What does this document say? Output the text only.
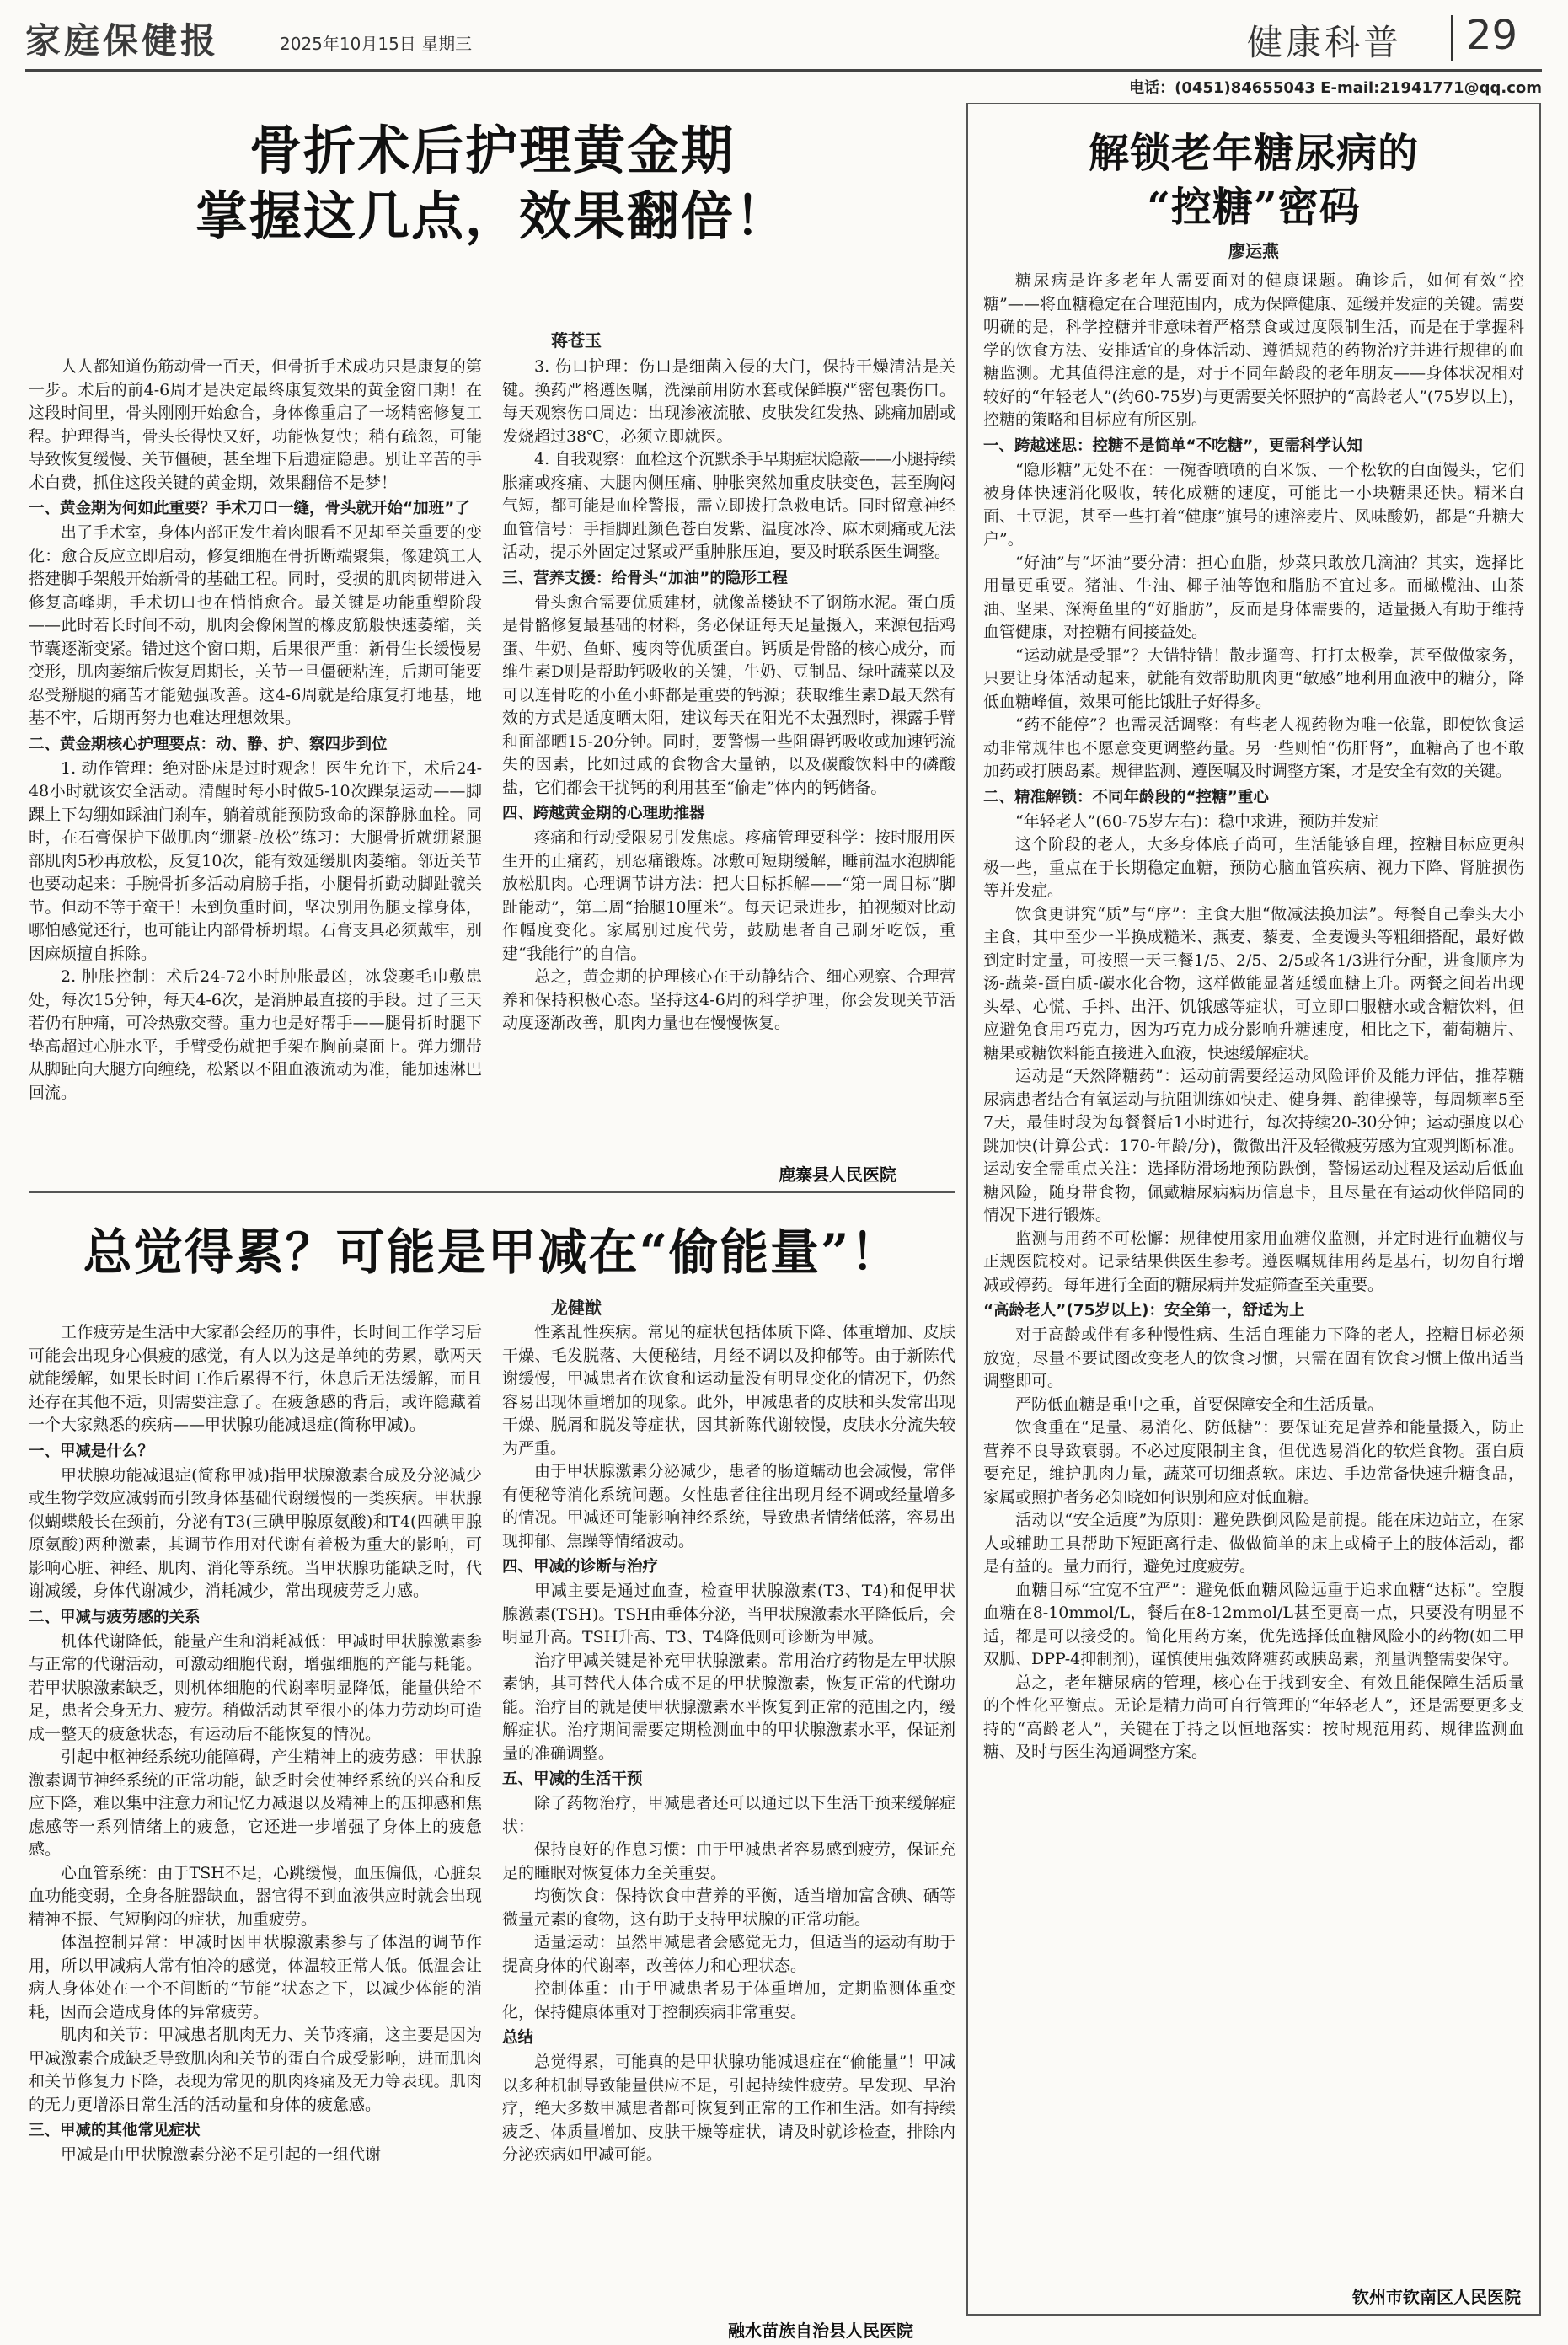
家庭保健报	2025年10月15日 星期三	健康科普 29
电话：(0451)84655043 E-mail:21941771@qq.com
骨折术后护理黄金期
掌握这几点，效果翻倍！
蒋苍玉

人人都知道伤筋动骨一百天，但骨折手术成功只是康复的第一步。术后的前4-6周才是决定最终康复效果的黄金窗口期！在这段时间里，骨头刚刚开始愈合，身体像重启了一场精密修复工程。护理得当，骨头长得快又好，功能恢复快；稍有疏忽，可能导致恢复缓慢、关节僵硬，甚至埋下后遗症隐患。别让辛苦的手术白费，抓住这段关键的黄金期，效果翻倍不是梦！

一、黄金期为何如此重要？手术刀口一缝，骨头就开始“加班”了

出了手术室，身体内部正发生着肉眼看不见却至关重要的变化：愈合反应立即启动，修复细胞在骨折断端聚集，像建筑工人搭建脚手架般开始新骨的基础工程。同时，受损的肌肉韧带进入修复高峰期，手术切口也在悄悄愈合。最关键是功能重塑阶段——此时若长时间不动，肌肉会像闲置的橡皮筋般快速萎缩，关节囊逐渐变紧。错过这个窗口期，后果很严重：新骨生长缓慢易变形，肌肉萎缩后恢复周期长，关节一旦僵硬粘连，后期可能要忍受掰腿的痛苦才能勉强改善。这4-6周就是给康复打地基，地基不牢，后期再努力也难达理想效果。

二、黄金期核心护理要点：动、静、护、察四步到位

1. 动作管理：绝对卧床是过时观念！医生允许下，术后24-48小时就该安全活动。清醒时每小时做5-10次踝泵运动——脚踝上下勾绷如踩油门刹车，躺着就能预防致命的深静脉血栓。同时，在石膏保护下做肌肉“绷紧-放松”练习：大腿骨折就绷紧腿部肌肉5秒再放松，反复10次，能有效延缓肌肉萎缩。邻近关节也要动起来：手腕骨折多活动肩膀手指，小腿骨折勤动脚趾髋关节。但动不等于蛮干！未到负重时间，坚决别用伤腿支撑身体，哪怕感觉还行，也可能让内部骨桥坍塌。石膏支具必须戴牢，别因麻烦擅自拆除。

2. 肿胀控制：术后24-72小时肿胀最凶，冰袋裹毛巾敷患处，每次15分钟，每天4-6次，是消肿最直接的手段。过了三天若仍有肿痛，可冷热敷交替。重力也是好帮手——腿骨折时腿下垫高超过心脏水平，手臂受伤就把手架在胸前桌面上。弹力绷带从脚趾向大腿方向缠绕，松紧以不阻血液流动为准，能加速淋巴回流。

3. 伤口护理：伤口是细菌入侵的大门，保持干燥清洁是关键。换药严格遵医嘱，洗澡前用防水套或保鲜膜严密包裹伤口。每天观察伤口周边：出现渗液流脓、皮肤发红发热、跳痛加剧或发烧超过38℃，必须立即就医。

4. 自我观察：血栓这个沉默杀手早期症状隐蔽——小腿持续胀痛或疼痛、大腿内侧压痛、肿胀突然加重皮肤变色，甚至胸闷气短，都可能是血栓警报，需立即拨打急救电话。同时留意神经血管信号：手指脚趾颜色苍白发紫、温度冰冷、麻木刺痛或无法活动，提示外固定过紧或严重肿胀压迫，要及时联系医生调整。

三、营养支援：给骨头“加油”的隐形工程

骨头愈合需要优质建材，就像盖楼缺不了钢筋水泥。蛋白质是骨骼修复最基础的材料，务必保证每天足量摄入，来源包括鸡蛋、牛奶、鱼虾、瘦肉等优质蛋白。钙质是骨骼的核心成分，而维生素D则是帮助钙吸收的关键，牛奶、豆制品、绿叶蔬菜以及可以连骨吃的小鱼小虾都是重要的钙源；获取维生素D最天然有效的方式是适度晒太阳，建议每天在阳光不太强烈时，裸露手臂和面部晒15-20分钟。同时，要警惕一些阻碍钙吸收或加速钙流失的因素，比如过咸的食物含大量钠，以及碳酸饮料中的磷酸盐，它们都会干扰钙的利用甚至“偷走”体内的钙储备。

四、跨越黄金期的心理助推器

疼痛和行动受限易引发焦虑。疼痛管理要科学：按时服用医生开的止痛药，别忍痛锻炼。冰敷可短期缓解，睡前温水泡脚能放松肌肉。心理调节讲方法：把大目标拆解——“第一周目标”脚趾能动”，第二周“抬腿10厘米”。每天记录进步，拍视频对比动作幅度变化。家属别过度代劳，鼓励患者自己刷牙吃饭，重建“我能行”的自信。

总之，黄金期的护理核心在于动静结合、细心观察、合理营养和保持积极心态。坚持这4-6周的科学护理，你会发现关节活动度逐渐改善，肌肉力量也在慢慢恢复。

鹿寨县人民医院
总觉得累？可能是甲减在“偷能量”！
龙健猷

工作疲劳是生活中大家都会经历的事件，长时间工作学习后可能会出现身心俱疲的感觉，有人以为这是单纯的劳累，歇两天就能缓解，如果长时间工作后累得不行，休息后无法缓解，而且还存在其他不适，则需要注意了。在疲惫感的背后，或许隐藏着一个大家熟悉的疾病——甲状腺功能减退症(简称甲减)。

一、甲减是什么？

甲状腺功能减退症(简称甲减)指甲状腺激素合成及分泌减少或生物学效应减弱而引致身体基础代谢缓慢的一类疾病。甲状腺似蝴蝶般长在颈前，分泌有T3(三碘甲腺原氨酸)和T4(四碘甲腺原氨酸)两种激素，其调节作用对代谢有着极为重大的影响，可影响心脏、神经、肌肉、消化等系统。当甲状腺功能缺乏时，代谢减缓，身体代谢减少，消耗减少，常出现疲劳乏力感。

二、甲减与疲劳感的关系

机体代谢降低，能量产生和消耗减低：甲减时甲状腺激素参与正常的代谢活动，可激动细胞代谢，增强细胞的产能与耗能。若甲状腺激素缺乏，则机体细胞的代谢率明显降低，能量供给不足，患者会身无力、疲劳。稍做活动甚至很小的体力劳动均可造成一整天的疲惫状态，有运动后不能恢复的情况。

引起中枢神经系统功能障碍，产生精神上的疲劳感：甲状腺激素调节神经系统的正常功能，缺乏时会使神经系统的兴奋和反应下降，难以集中注意力和记忆力减退以及精神上的压抑感和焦虑感等一系列情绪上的疲惫，它还进一步增强了身体上的疲惫感。

心血管系统：由于TSH不足，心跳缓慢，血压偏低，心脏泵血功能变弱，全身各脏器缺血，器官得不到血液供应时就会出现精神不振、气短胸闷的症状，加重疲劳。

体温控制异常：甲减时因甲状腺激素参与了体温的调节作用，所以甲减病人常有怕冷的感觉，体温较正常人低。低温会让病人身体处在一个不间断的“节能”状态之下，以减少体能的消耗，因而会造成身体的异常疲劳。

肌肉和关节：甲减患者肌肉无力、关节疼痛，这主要是因为甲减激素合成缺乏导致肌肉和关节的蛋白合成受影响，进而肌肉和关节修复力下降，表现为常见的肌肉疼痛及无力等表现。肌肉的无力更增添日常生活的活动量和身体的疲惫感。

三、甲减的其他常见症状

甲减是由甲状腺激素分泌不足引起的一组代谢

性紊乱性疾病。常见的症状包括体质下降、体重增加、皮肤干燥、毛发脱落、大便秘结，月经不调以及抑郁等。由于新陈代谢缓慢，甲减患者在饮食和运动量没有明显变化的情况下，仍然容易出现体重增加的现象。此外，甲减患者的皮肤和头发常出现干燥、脱屑和脱发等症状，因其新陈代谢较慢，皮肤水分流失较为严重。

由于甲状腺激素分泌减少，患者的肠道蠕动也会减慢，常伴有便秘等消化系统问题。女性患者往往出现月经不调或经量增多的情况。甲减还可能影响神经系统，导致患者情绪低落，容易出现抑郁、焦躁等情绪波动。

四、甲减的诊断与治疗

甲减主要是通过血查，检查甲状腺激素(T3、T4)和促甲状腺激素(TSH)。TSH由垂体分泌，当甲状腺激素水平降低后，会明显升高。TSH升高、T3、T4降低则可诊断为甲减。

治疗甲减关键是补充甲状腺激素。常用治疗药物是左甲状腺素钠，其可替代人体合成不足的甲状腺激素，恢复正常的代谢功能。治疗目的就是使甲状腺激素水平恢复到正常的范围之内，缓解症状。治疗期间需要定期检测血中的甲状腺激素水平，保证剂量的准确调整。

五、甲减的生活干预

除了药物治疗，甲减患者还可以通过以下生活干预来缓解症状：

保持良好的作息习惯：由于甲减患者容易感到疲劳，保证充足的睡眠对恢复体力至关重要。

均衡饮食：保持饮食中营养的平衡，适当增加富含碘、硒等微量元素的食物，这有助于支持甲状腺的正常功能。

适量运动：虽然甲减患者会感觉无力，但适当的运动有助于提高身体的代谢率，改善体力和心理状态。

控制体重：由于甲减患者易于体重增加，定期监测体重变化，保持健康体重对于控制疾病非常重要。

总结

总觉得累，可能真的是甲状腺功能减退症在“偷能量”！甲减以多种机制导致能量供应不足，引起持续性疲劳。早发现、早治疗，绝大多数甲减患者都可恢复到正常的工作和生活。如有持续疲乏、体质量增加、皮肤干燥等症状，请及时就诊检查，排除内分泌疾病如甲减可能。

融水苗族自治县人民医院
解锁老年糖尿病的
“控糖”密码
廖运燕

糖尿病是许多老年人需要面对的健康课题。确诊后，如何有效“控糖”——将血糖稳定在合理范围内，成为保障健康、延缓并发症的关键。需要明确的是，科学控糖并非意味着严格禁食或过度限制生活，而是在于掌握科学的饮食方法、安排适宜的身体活动、遵循规范的药物治疗并进行规律的血糖监测。尤其值得注意的是，对于不同年龄段的老年朋友——身体状况相对较好的“年轻老人”(约60-75岁)与更需要关怀照护的“高龄老人”(75岁以上)，控糖的策略和目标应有所区别。

一、跨越迷思：控糖不是简单“不吃糖”，更需科学认知

“隐形糖”无处不在：一碗香喷喷的白米饭、一个松软的白面馒头，它们被身体快速消化吸收，转化成糖的速度，可能比一小块糖果还快。精米白面、土豆泥，甚至一些打着“健康”旗号的速溶麦片、风味酸奶，都是“升糖大户”。

“好油”与“坏油”要分清：担心血脂，炒菜只敢放几滴油？其实，选择比用量更重要。猪油、牛油、椰子油等饱和脂肪不宜过多。而橄榄油、山茶油、坚果、深海鱼里的“好脂肪”，反而是身体需要的，适量摄入有助于维持血管健康，对控糖有间接益处。

“运动就是受罪”？大错特错！散步遛弯、打打太极拳，甚至做做家务，只要让身体活动起来，就能有效帮助肌肉更“敏感”地利用血液中的糖分，降低血糖峰值，效果可能比饿肚子好得多。

“药不能停”？也需灵活调整：有些老人视药物为唯一依靠，即使饮食运动非常规律也不愿意变更调整药量。另一些则怕“伤肝肾”，血糖高了也不敢加药或打胰岛素。规律监测、遵医嘱及时调整方案，才是安全有效的关键。

二、精准解锁：不同年龄段的“控糖”重心

“年轻老人”(60-75岁左右)：稳中求进，预防并发症

这个阶段的老人，大多身体底子尚可，生活能够自理，控糖目标应更积极一些，重点在于长期稳定血糖，预防心脑血管疾病、视力下降、肾脏损伤等并发症。

饮食更讲究“质”与“序”：主食大胆“做减法换加法”。每餐自己拳头大小主食，其中至少一半换成糙米、燕麦、藜麦、全麦馒头等粗细搭配，最好做到定时定量，可按照一天三餐1/5、2/5、2/5或各1/3进行分配，进食顺序为汤-蔬菜-蛋白质-碳水化合物，这样做能显著延缓血糖上升。两餐之间若出现头晕、心慌、手抖、出汗、饥饿感等症状，可立即口服糖水或含糖饮料，但应避免食用巧克力，因为巧克力成分影响升糖速度，相比之下，葡萄糖片、糖果或糖饮料能直接进入血液，快速缓解症状。

运动是“天然降糖药”：运动前需要经运动风险评价及能力评估，推荐糖尿病患者结合有氧运动与抗阻训练如快走、健身舞、韵律操等，每周频率5至7天，最佳时段为每餐餐后1小时进行，每次持续20-30分钟；运动强度以心跳加快(计算公式：170-年龄/分)，微微出汗及轻微疲劳感为宜观判断标准。运动安全需重点关注：选择防滑场地预防跌倒，警惕运动过程及运动后低血糖风险，随身带食物，佩戴糖尿病病历信息卡，且尽量在有运动伙伴陪同的情况下进行锻炼。

监测与用药不可松懈：规律使用家用血糖仪监测，并定时进行血糖仪与正规医院校对。记录结果供医生参考。遵医嘱规律用药是基石，切勿自行增减或停药。每年进行全面的糖尿病并发症筛查至关重要。

“高龄老人”(75岁以上)：安全第一，舒适为上

对于高龄或伴有多种慢性病、生活自理能力下降的老人，控糖目标必须放宽，尽量不要试图改变老人的饮食习惯，只需在固有饮食习惯上做出适当调整即可。

严防低血糖是重中之重，首要保障安全和生活质量。

饮食重在“足量、易消化、防低糖”：要保证充足营养和能量摄入，防止营养不良导致衰弱。不必过度限制主食，但优选易消化的软烂食物。蛋白质要充足，维护肌肉力量，蔬菜可切细煮软。床边、手边常备快速升糖食品，家属或照护者务必知晓如何识别和应对低血糖。

活动以“安全适度”为原则：避免跌倒风险是前提。能在床边站立，在家人或辅助工具帮助下短距离行走、做做简单的床上或椅子上的肢体活动，都是有益的。量力而行，避免过度疲劳。

血糖目标“宜宽不宜严”：避免低血糖风险远重于追求血糖“达标”。空腹血糖在8-10mmol/L，餐后在8-12mmol/L甚至更高一点，只要没有明显不适，都是可以接受的。简化用药方案，优先选择低血糖风险小的药物(如二甲双胍、DPP-4抑制剂)，谨慎使用强效降糖药或胰岛素，剂量调整需要保守。

总之，老年糖尿病的管理，核心在于找到安全、有效且能保障生活质量的个性化平衡点。无论是精力尚可自行管理的“年轻老人”，还是需要更多支持的“高龄老人”，关键在于持之以恒地落实：按时规范用药、规律监测血糖、及时与医生沟通调整方案。

钦州市钦南区人民医院
